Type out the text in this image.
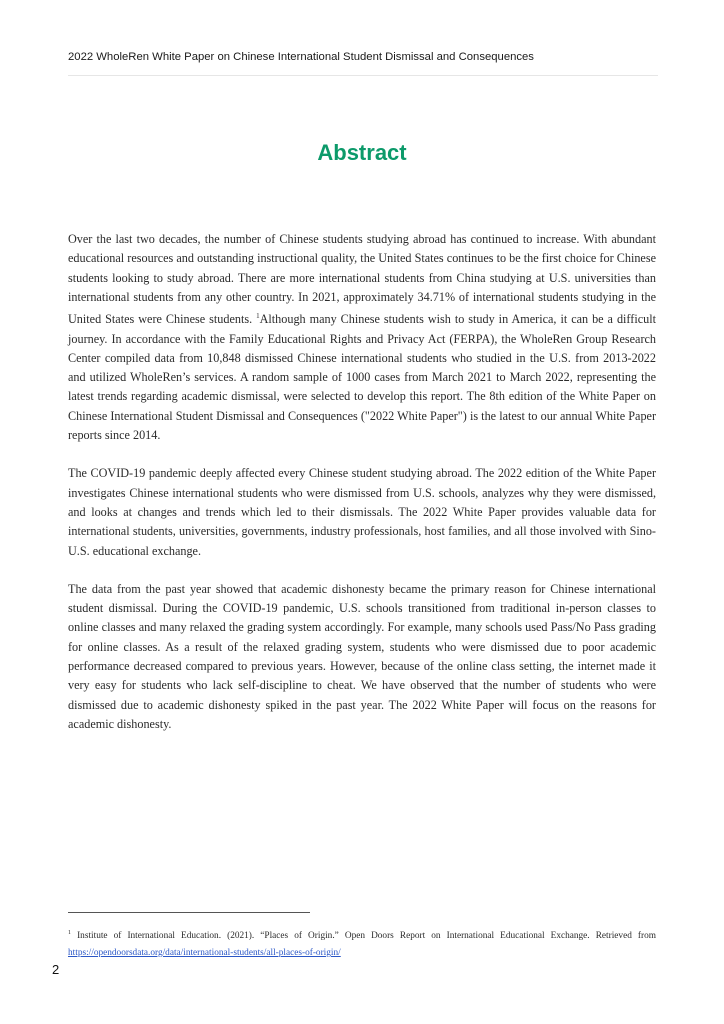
2022 WholeRen White Paper on Chinese International Student Dismissal and Consequences
Abstract

Over the last two decades, the number of Chinese students studying abroad has continued to increase. With abundant educational resources and outstanding instructional quality, the United States continues to be the first choice for Chinese students looking to study abroad. There are more international students from China studying at U.S. universities than international students from any other country. In 2021, approximately 34.71% of international students studying in the United States were Chinese students. $^1$Although many Chinese students wish to study in America, it can be a difficult journey. In accordance with the Family Educational Rights and Privacy Act (FERPA), the WholeRen Group Research Center compiled data from 10,848 dismissed Chinese international students who studied in the U.S. from 2013-2022 and utilized WholeRen’s services. A random sample of 1000 cases from March 2021 to March 2022, representing the latest trends regarding academic dismissal, were selected to develop this report. The 8th edition of the White Paper on Chinese International Student Dismissal and Consequences ("2022 White Paper") is the latest to our annual White Paper reports since 2014.

The COVID-19 pandemic deeply affected every Chinese student studying abroad. The 2022 edition of the White Paper investigates Chinese international students who were dismissed from U.S. schools, analyzes why they were dismissed, and looks at changes and trends which led to their dismissals. The 2022 White Paper provides valuable data for international students, universities, governments, industry professionals, host families, and all those involved with Sino-U.S. educational exchange.

The data from the past year showed that academic dishonesty became the primary reason for Chinese international student dismissal. During the COVID-19 pandemic, U.S. schools transitioned from traditional in-person classes to online classes and many relaxed the grading system accordingly. For example, many schools used Pass/No Pass grading for online classes. As a result of the relaxed grading system, students who were dismissed due to poor academic performance decreased compared to previous years. However, because of the online class setting, the internet made it very easy for students who lack self-discipline to cheat. We have observed that the number of students who were dismissed due to academic dishonesty spiked in the past year. The 2022 White Paper will focus on the reasons for academic dishonesty.

$^1$ Institute of International Education. (2021). “Places of Origin.” Open Doors Report on International Educational Exchange. Retrieved from https://opendoorsdata.org/data/international-students/all-places-of-origin/
2
